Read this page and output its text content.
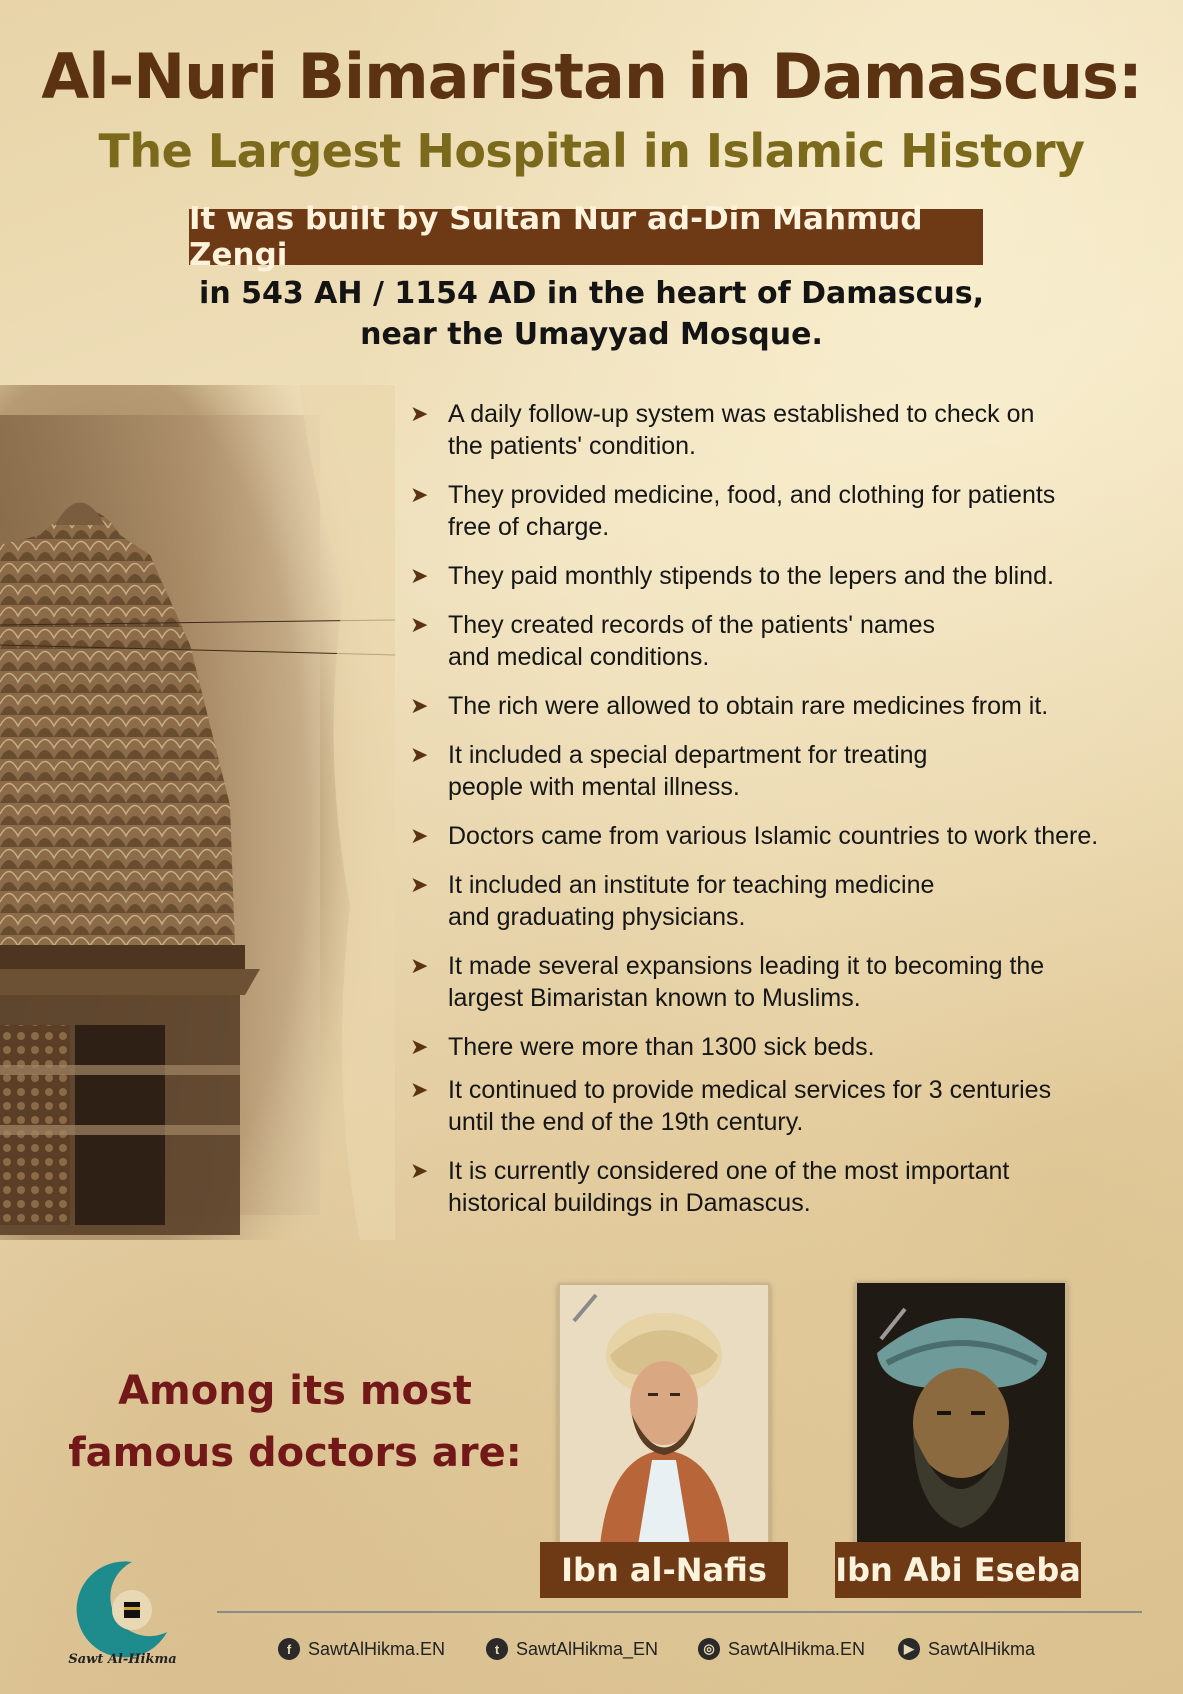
Al-Nuri Bimaristan in Damascus:
The Largest Hospital in Islamic History
It was built by Sultan Nur ad-Din Mahmud Zengi
in 543 AH / 1154 AD in the heart of Damascus,
near the Umayyad Mosque.
➤ A daily follow-up system was established to check on
the patients' condition.
➤ They provided medicine, food, and clothing for patients
free of charge.
➤ They paid monthly stipends to the lepers and the blind.
➤ They created records of the patients' names
and medical conditions.
➤ The rich were allowed to obtain rare medicines from it.
➤ It included a special department for treating
people with mental illness.
➤ Doctors came from various Islamic countries to work there.
➤ It included an institute for teaching medicine
and graduating physicians.
➤ It made several expansions leading it to becoming the
largest Bimaristan known to Muslims.
➤ There were more than 1300 sick beds.
➤ It continued to provide medical services for 3 centuries
until the end of the 19th century.
➤ It is currently considered one of the most important
historical buildings in Damascus.
Among its most
famous doctors are:
Ibn al-Nafis Ibn Abi Eseba
Sawt Al-Hikma
f SawtAlHikma.EN	t SawtAlHikma_EN	◎ SawtAlHikma.EN	▶ SawtAlHikma
